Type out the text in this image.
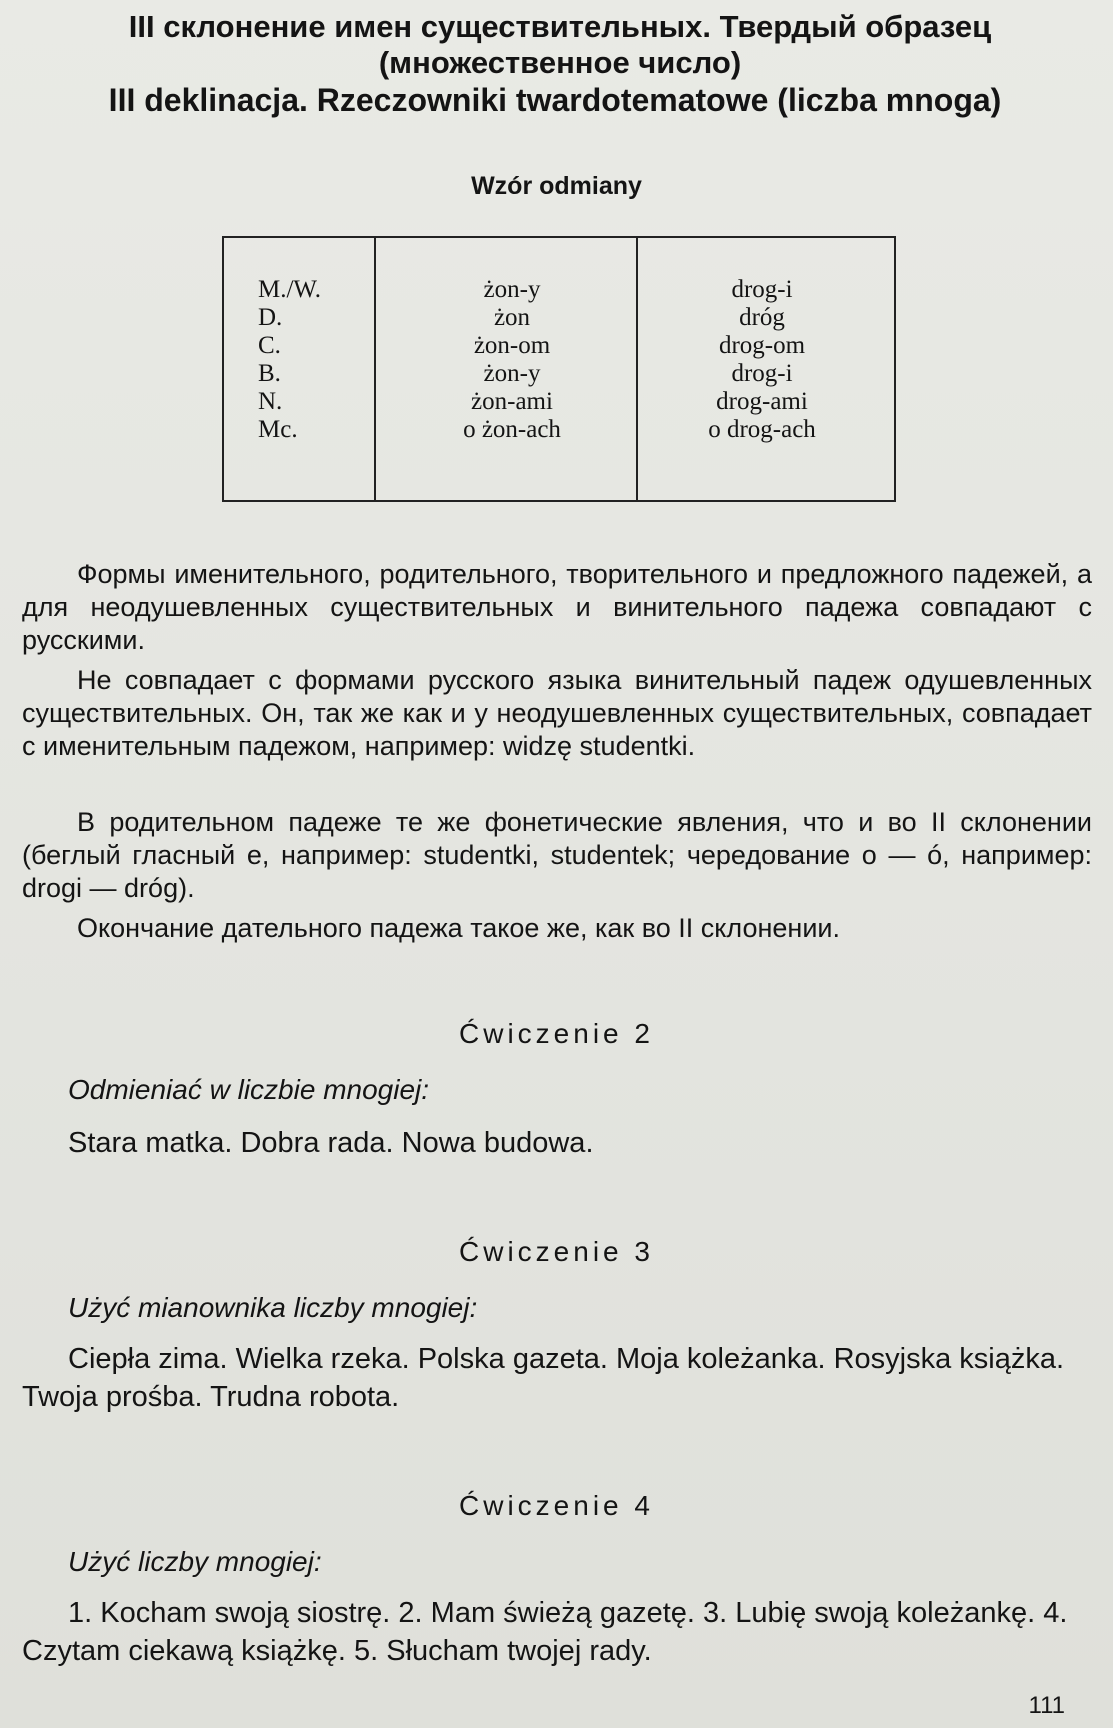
III склонение имен существительных. Твердый образец
(множественное число)
III deklinacja. Rzeczowniki twardotematowe (liczba mnoga)
Wzór odmiany
M./W.
D.
C.
B.
N.
Mc.
żon-y
żon
żon-om
żon-y
żon-ami
o żon-ach
drog-i
dróg
drog-om
drog-i
drog-ami
o drog-ach

Формы именительного, родительного, творительного и предложного падежей, а для неодушевленных существительных и винительного падежа совпадают с русскими.

Не совпадает с формами русского языка винительный падеж одушевленных существительных. Он, так же как и у неодушевленных существительных, совпадает с именительным падежом, например: widzę studentki.

В родительном падеже те же фонетические явления, что и во II склонении (беглый гласный e, например: studentki, studentek; чередование o — ó, например: drogi — dróg).

Окончание дательного падежа такое же, как во II склонении.

Ćwiczenie 2
Odmieniać w liczbie mnogiej:

Stara matka. Dobra rada. Nowa budowa.

Ćwiczenie 3
Użyć mianownika liczby mnogiej:

Ciepła zima. Wielka rzeka. Polska gazeta. Moja koleżanka. Rosyjska książka. Twoja prośba. Trudna robota.

Ćwiczenie 4
Użyć liczby mnogiej:

1. Kocham swoją siostrę. 2. Mam świeżą gazetę. 3. Lubię swoją koleżankę. 4. Czytam ciekawą książkę. 5. Słucham twojej rady.

111
